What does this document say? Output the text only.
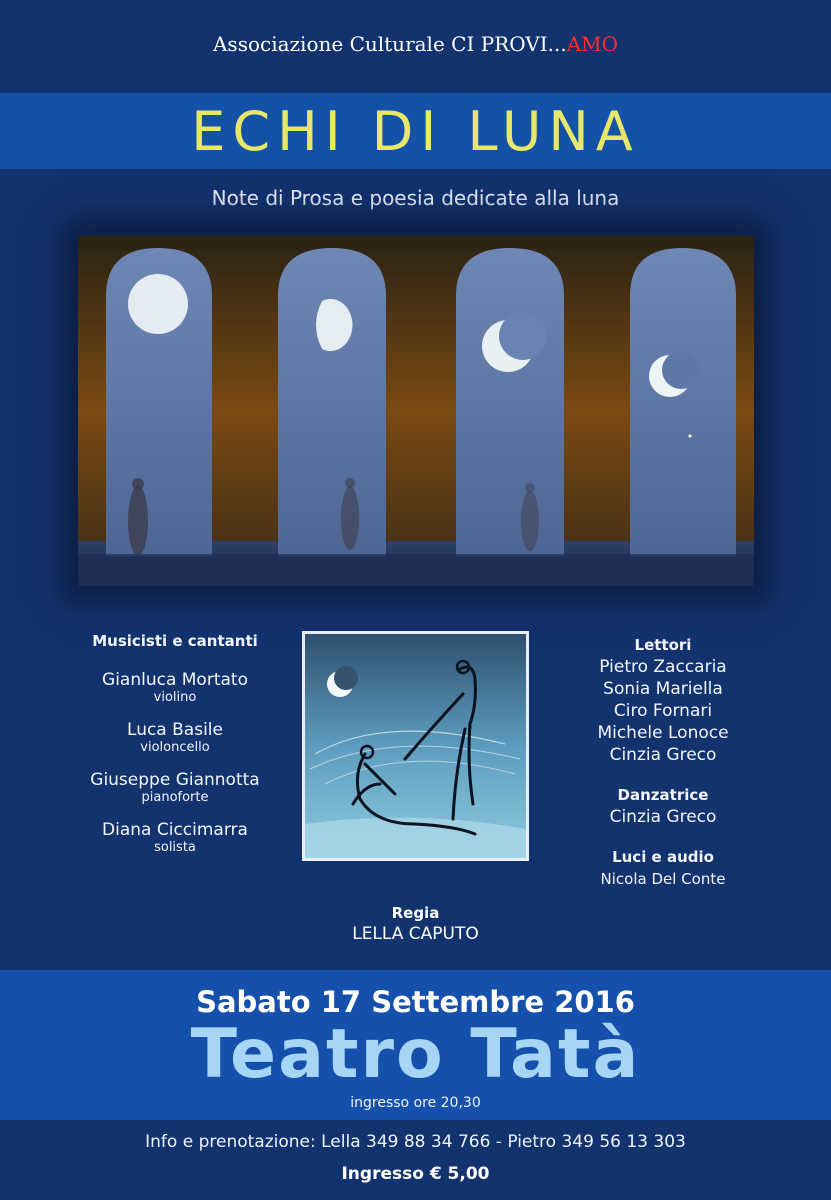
Associazione Culturale CI PROVI...AMO
ECHI DI LUNA
Note di Prosa e poesia dedicate alla luna
Musicisti e cantanti
Gianluca Mortato
violino
Luca Basile
violoncello
Giuseppe Giannotta
pianoforte
Diana Ciccimarra
solista
Lettori
Pietro Zaccaria
Sonia Mariella
Ciro Fornari
Michele Lonoce
Cinzia Greco
Danzatrice
Cinzia Greco
Luci e audio
Nicola Del Conte
Regia
LELLA CAPUTO
Sabato 17 Settembre 2016
Teatro Tatà
ingresso ore 20,30
Info e prenotazione: Lella 349 88 34 766 - Pietro 349 56 13 303
Ingresso € 5,00
